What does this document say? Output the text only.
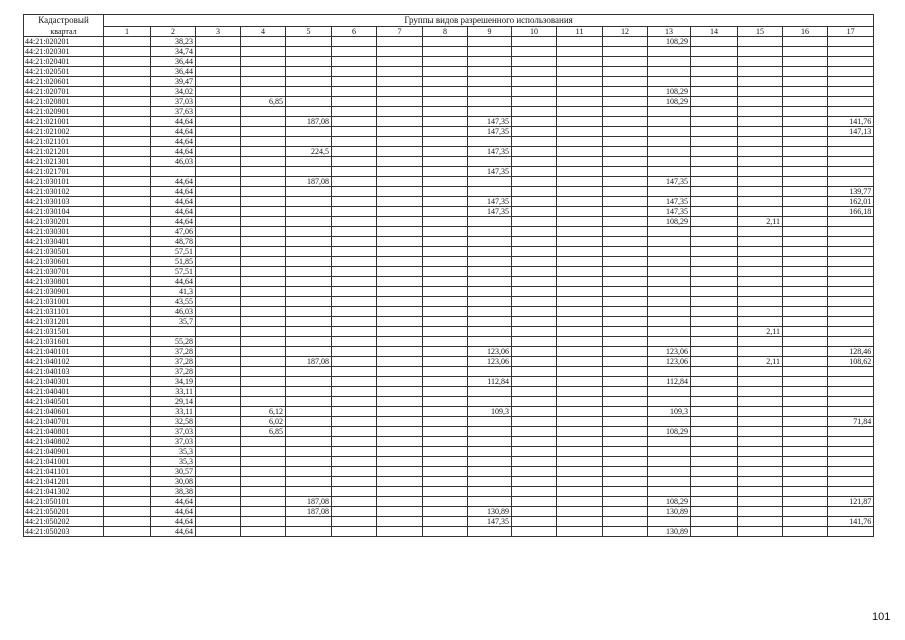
Кадастровый	Группы видов разрешенного использования																
квартал	1	2	3	4	5	6	7	8	9	10	11	12	13	14	15	16	17
44:21:020201		38,23											108,29				
44:21:020301		34,74															
44:21:020401		36,44															
44:21:020501		36,44															
44:21:020601		39,47															
44:21:020701		34,02											108,29				
44:21:020801		37,03		6,85									108,29				
44:21:020901		37,63															
44:21:021001		44,64			187,08				147,35								141,76
44:21:021002		44,64							147,35								147,13
44:21:021101		44,64															
44:21:021201		44,64			224,5				147,35								
44:21:021301		46,03															
44:21:021701									147,35								
44:21:030101		44,64			187,08								147,35				
44:21:030102		44,64															139,77
44:21:030103		44,64							147,35				147,35				162,01
44:21:030104		44,64							147,35				147,35				166,18
44:21:030201		44,64											108,29		2,11		
44:21:030301		47,06															
44:21:030401		48,78															
44:21:030501		57,51															
44:21:030601		51,85															
44:21:030701		57,51															
44:21:030801		44,64															
44:21:030901		41,3															
44:21:031001		43,55															
44:21:031101		46,03															
44:21:031201		35,7															
44:21:031501															2,11		
44:21:031601		55,28															
44:21:040101		37,28							123,06				123,06				128,46
44:21:040102		37,28			187,08				123,06				123,06		2,11		108,62
44:21:040103		37,28															
44:21:040301		34,19							112,84				112,84				
44:21:040401		33,11															
44:21:040501		29,14															
44:21:040601		33,11		6,12					109,3				109,3				
44:21:040701		32,58		6,02													71,84
44:21:040801		37,03		6,85									108,29				
44:21:040802		37,03															
44:21:040901		35,3															
44:21:041001		35,3															
44:21:041101		30,57															
44:21:041201		30,08															
44:21:041302		38,38															
44:21:050101		44,64			187,08								108,29				121,87
44:21:050201		44,64			187,08				130,89				130,89				
44:21:050202		44,64							147,35								141,76
44:21:050203		44,64											130,89				
101
